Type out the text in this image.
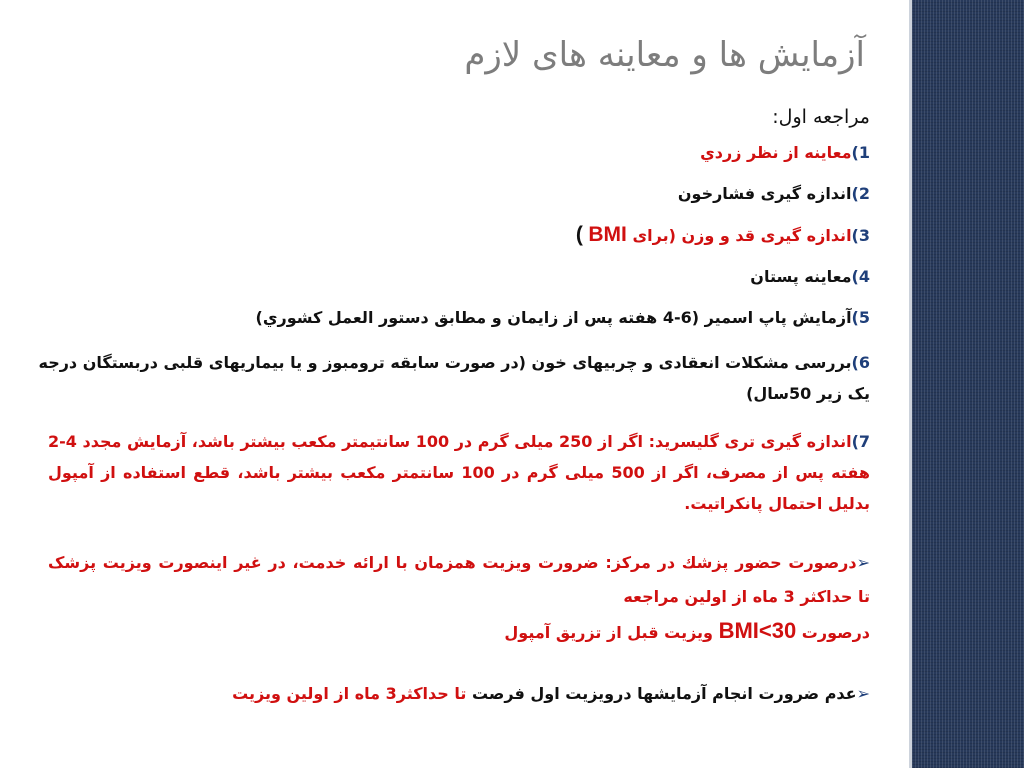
آزمایش ها و معاینه های لازم
مراجعه اول:
1)معاینه از نظر زردي
2)اندازه گیری فشارخون
3)اندازه گیری قد و وزن (برای BMI )
4)معاینه پستان
5)آزمایش پاپ اسمیر (6-4 هفته پس از زایمان و مطابق دستور العمل کشوري)
6)بررسی مشکلات انعقادی و چربیهای خون (در صورت سابقه ترومبوز و یا بیماریهای قلبی دربستگان درجه
یک زیر 50سال)
7)اندازه گیری تری گلیسرید: اگر از 250 میلی گرم در 100 سانتیمتر مکعب بیشتر باشد، آزمایش مجدد 4-2 هفته پس از مصرف، اگر از 500 میلی گرم در 100 سانتمتر مکعب بیشتر باشد، قطع استفاده از آمپول بدلیل احتمال پانکراتیت.
➢درصورت حضور پزشك در مرکز: ضرورت ويزيت همزمان با ارائه خدمت، در غير اينصورت ويزيت پزشک تا حداکثر 3 ماه از اولين مراجعه
درصورت BMI<30 ويزيت قبل از تزريق آمپول
➢عدم ضرورت انجام آزمايشها درويزيت اول فرصت تا حداکثر3 ماه از اولين ويزيت
